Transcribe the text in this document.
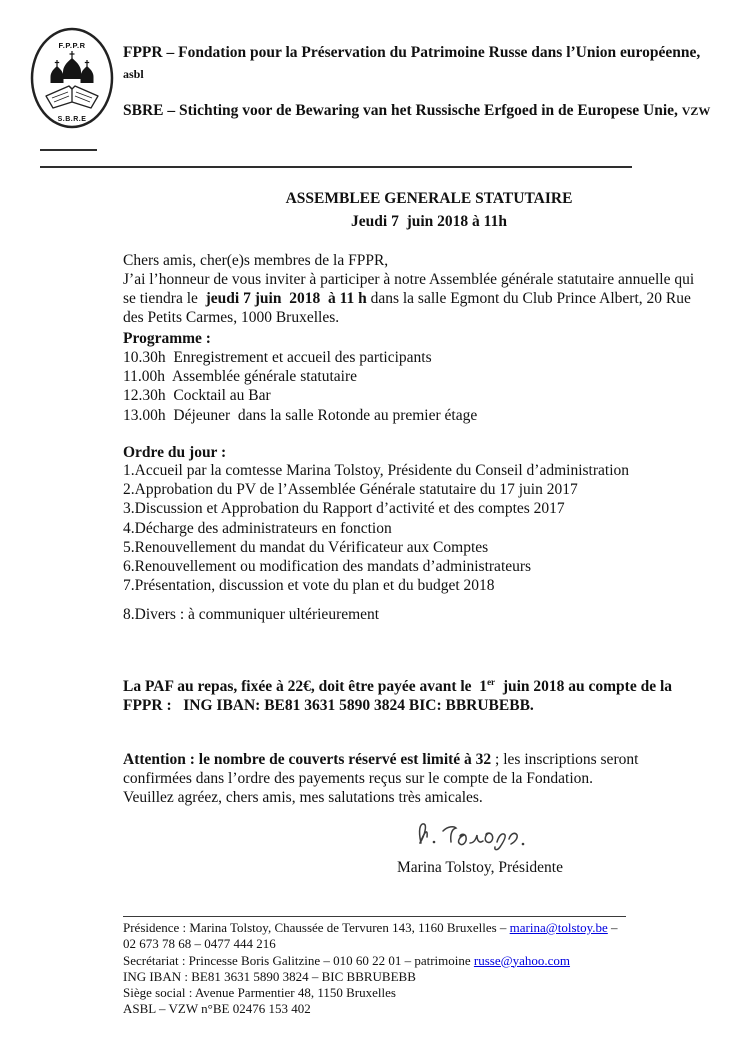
F.P.P.R
S.B.R.E
FPPR – Fondation pour la Préservation du Patrimoine Russe dans l’Union européenne,
asbl
SBRE – Stichting voor de Bewaring van het Russische Erfgoed in de Europese Unie, VZW
ASSEMBLEE GENERALE STATUTAIRE
Jeudi 7  juin 2018 à 11h
Chers amis, cher(e)s membres de la FPPR,
J’ai l’honneur de vous inviter à participer à notre Assemblée générale statutaire annuelle qui se tiendra le  jeudi 7 juin  2018  à 11 h dans la salle Egmont du Club Prince Albert, 20 Rue des Petits Carmes, 1000 Bruxelles.
Programme :
10.30h  Enregistrement et accueil des participants
11.00h  Assemblée générale statutaire
12.30h  Cocktail au Bar
13.00h  Déjeuner  dans la salle Rotonde au premier étage
Ordre du jour :
1.Accueil par la comtesse Marina Tolstoy, Présidente du Conseil d’administration
2.Approbation du PV de l’Assemblée Générale statutaire du 17 juin 2017
3.Discussion et Approbation du Rapport d’activité et des comptes 2017
4.Décharge des administrateurs en fonction
5.Renouvellement du mandat du Vérificateur aux Comptes
6.Renouvellement ou modification des mandats d’administrateurs
7.Présentation, discussion et vote du plan et du budget 2018
8.Divers : à communiquer ultérieurement
La PAF au repas, fixée à 22€, doit être payée avant le  1er  juin 2018 au compte de la FPPR :   ING IBAN: BE81 3631 5890 3824 BIC: BBRUBEBB.
Attention : le nombre de couverts réservé est limité à 32 ; les inscriptions seront confirmées dans l’ordre des payements reçus sur le compte de la Fondation.
Veuillez agréez, chers amis, mes salutations très amicales.
Marina Tolstoy, Présidente
Présidence : Marina Tolstoy, Chaussée de Tervuren 143, 1160 Bruxelles – marina@tolstoy.be –
02 673 78 68 – 0477 444 216
Secrétariat : Princesse Boris Galitzine – 010 60 22 01 – patrimoine russe@yahoo.com
ING IBAN : BE81 3631 5890 3824 – BIC BBRUBEBB
Siège social : Avenue Parmentier 48, 1150 Bruxelles
ASBL – VZW n°BE 02476 153 402
